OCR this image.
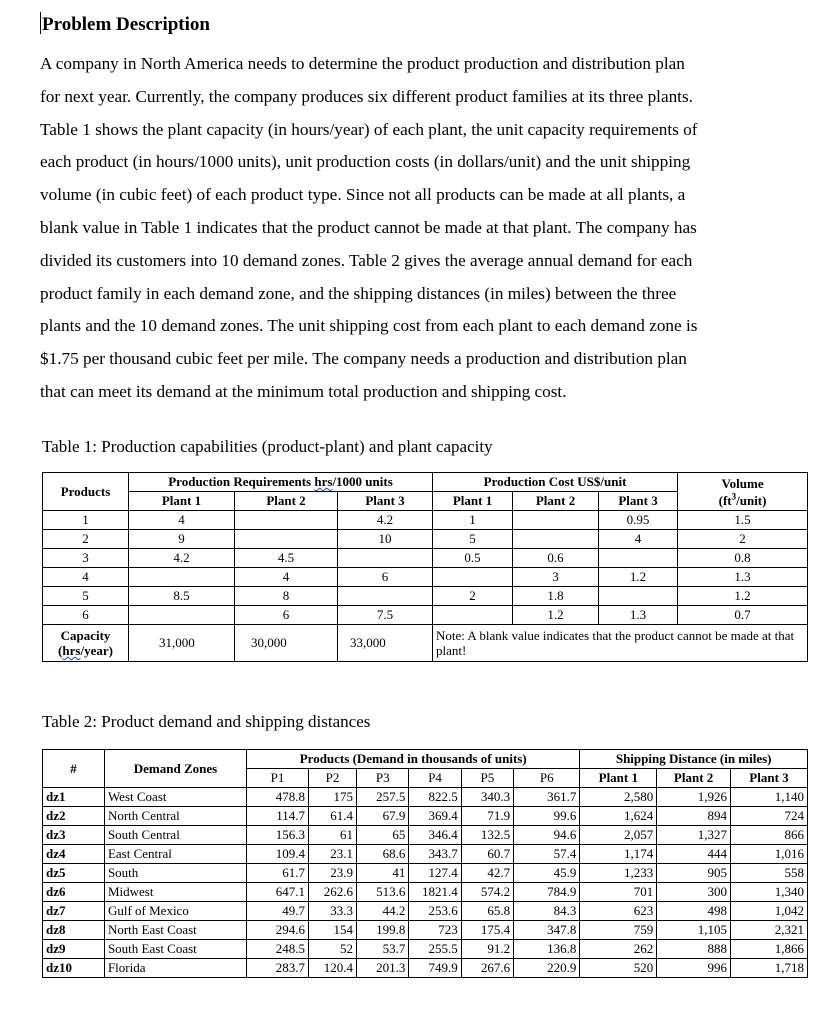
Problem Description
A company in North America needs to determine the product production and distribution plan
for next year. Currently, the company produces six different product families at its three plants.
Table 1 shows the plant capacity (in hours/year) of each plant, the unit capacity requirements of
each product (in hours/1000 units), unit production costs (in dollars/unit) and the unit shipping
volume (in cubic feet) of each product type. Since not all products can be made at all plants, a
blank value in Table 1 indicates that the product cannot be made at that plant. The company has
divided its customers into 10 demand zones. Table 2 gives the average annual demand for each
product family in each demand zone, and the shipping distances (in miles) between the three
plants and the 10 demand zones. The unit shipping cost from each plant to each demand zone is
$1.75 per thousand cubic feet per mile. The company needs a production and distribution plan
that can meet its demand at the minimum total production and shipping cost.
Table 1: Production capabilities (product-plant) and plant capacity
Products	Production Requirements hrs/1000 units			Production Cost US$/unit			Volume
$(ft^3/unit)$
	Plant 1	Plant 2	Plant 3	Plant 1	Plant 2	Plant 3	
1	4		4.2	1		0.95	1.5
2	9		10	5		4	2
3	4.2	4.5		0.5	0.6		0.8
4		4	6		3	1.2	1.3
5	8.5	8		2	1.8		1.2
6		6	7.5		1.2	1.3	0.7
Capacity
(hrs/year)	31,000	30,000	33,000	Note: A blank value indicates that the product cannot be made at that plant!			
Table 2: Product demand and shipping distances
#	Demand Zones	Products (Demand in thousands of units)						Shipping Distance (in miles)		
		P1	P2	P3	P4	P5	P6	Plant 1	Plant 2	Plant 3
dz1	West Coast	478.8	175	257.5	822.5	340.3	361.7	2,580	1,926	1,140
dz2	North Central	114.7	61.4	67.9	369.4	71.9	99.6	1,624	894	724
dz3	South Central	156.3	61	65	346.4	132.5	94.6	2,057	1,327	866
dz4	East Central	109.4	23.1	68.6	343.7	60.7	57.4	1,174	444	1,016
dz5	South	61.7	23.9	41	127.4	42.7	45.9	1,233	905	558
dz6	Midwest	647.1	262.6	513.6	1821.4	574.2	784.9	701	300	1,340
dz7	Gulf of Mexico	49.7	33.3	44.2	253.6	65.8	84.3	623	498	1,042
dz8	North East Coast	294.6	154	199.8	723	175.4	347.8	759	1,105	2,321
dz9	South East Coast	248.5	52	53.7	255.5	91.2	136.8	262	888	1,866
dz10	Florida	283.7	120.4	201.3	749.9	267.6	220.9	520	996	1,718
